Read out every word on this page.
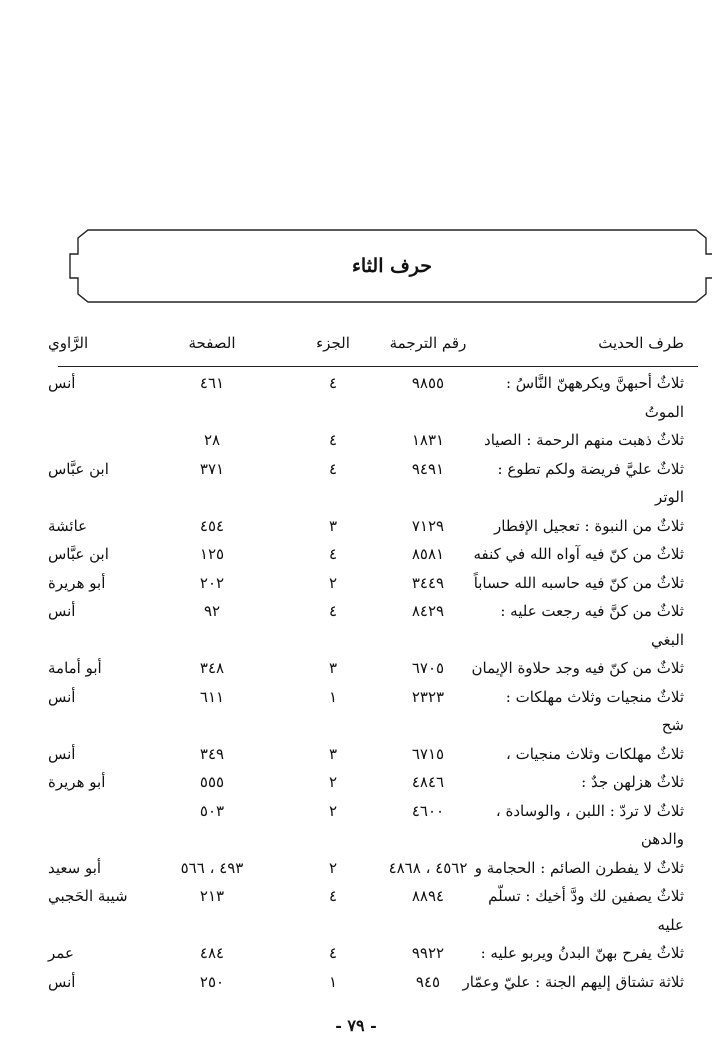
حرف الثاء
طرف الحديث
رقم الترجمة
الجزء
الصفحة
الرَّاوي
ثلاثٌ أحبهنَّ ويكرههنّ النَّاسُ :
٩٨٥٥
٤
٤٦١
أنس
الموتُ
ثلاثٌ ذهبت منهم الرحمة : الصياد
١٨٣١
٤
٢٨
ثلاثٌ عليَّ فريضة ولكم تطوع :
٩٤٩١
٤
٣٧١
ابن عبَّاس
الوتر
ثلاثٌ من النبوة : تعجيل الإفطار
٧١٢٩
٣
٤٥٤
عائشة
ثلاثٌ من كنّ فيه آواه الله في كنفه
٨٥٨١
٤
١٢٥
ابن عبَّاس
ثلاثٌ من كنّ فيه حاسبه الله حساباً
٣٤٤٩
٢
٢٠٢
أبو هريرة
ثلاثٌ من كنَّ فيه رجعت عليه :
٨٤٢٩
٤
٩٢
أنس
البغي
ثلاثٌ من كنّ فيه وجد حلاوة الإيمان
٦٧٠٥
٣
٣٤٨
أبو أمامة
ثلاثٌ منجيات وثلاث مهلكات :
٢٣٢٣
١
٦١١
أنس
شح
ثلاثٌ مهلكات وثلاث منجيات ،
٦٧١٥
٣
٣٤٩
أنس
ثلاثٌ هزلهن جدٌ :
٤٨٤٦
٢
٥٥٥
أبو هريرة
ثلاثٌ لا تردّ : اللبن ، والوسادة ،
٤٦٠٠
٢
٥٠٣
والدهن
ثلاثٌ لا يفطرن الصائم : الحجامة و
٤٥٦٢ ، ٤٨٦٨
٢
٤٩٣ ، ٥٦٦
أبو سعيد
ثلاثٌ يصفين لك ودَّ أخيك : تسلّم
٨٨٩٤
٤
٢١٣
شيبة الحَجبي
عليه
ثلاثٌ يفرح بهنّ البدنُ ويربو عليه :
٩٩٢٢
٤
٤٨٤
عمر
ثلاثة تشتاق إليهم الجنة : عليّ وعمّار
٩٤٥
١
٢٥٠
أنس
- ٧٩ -
